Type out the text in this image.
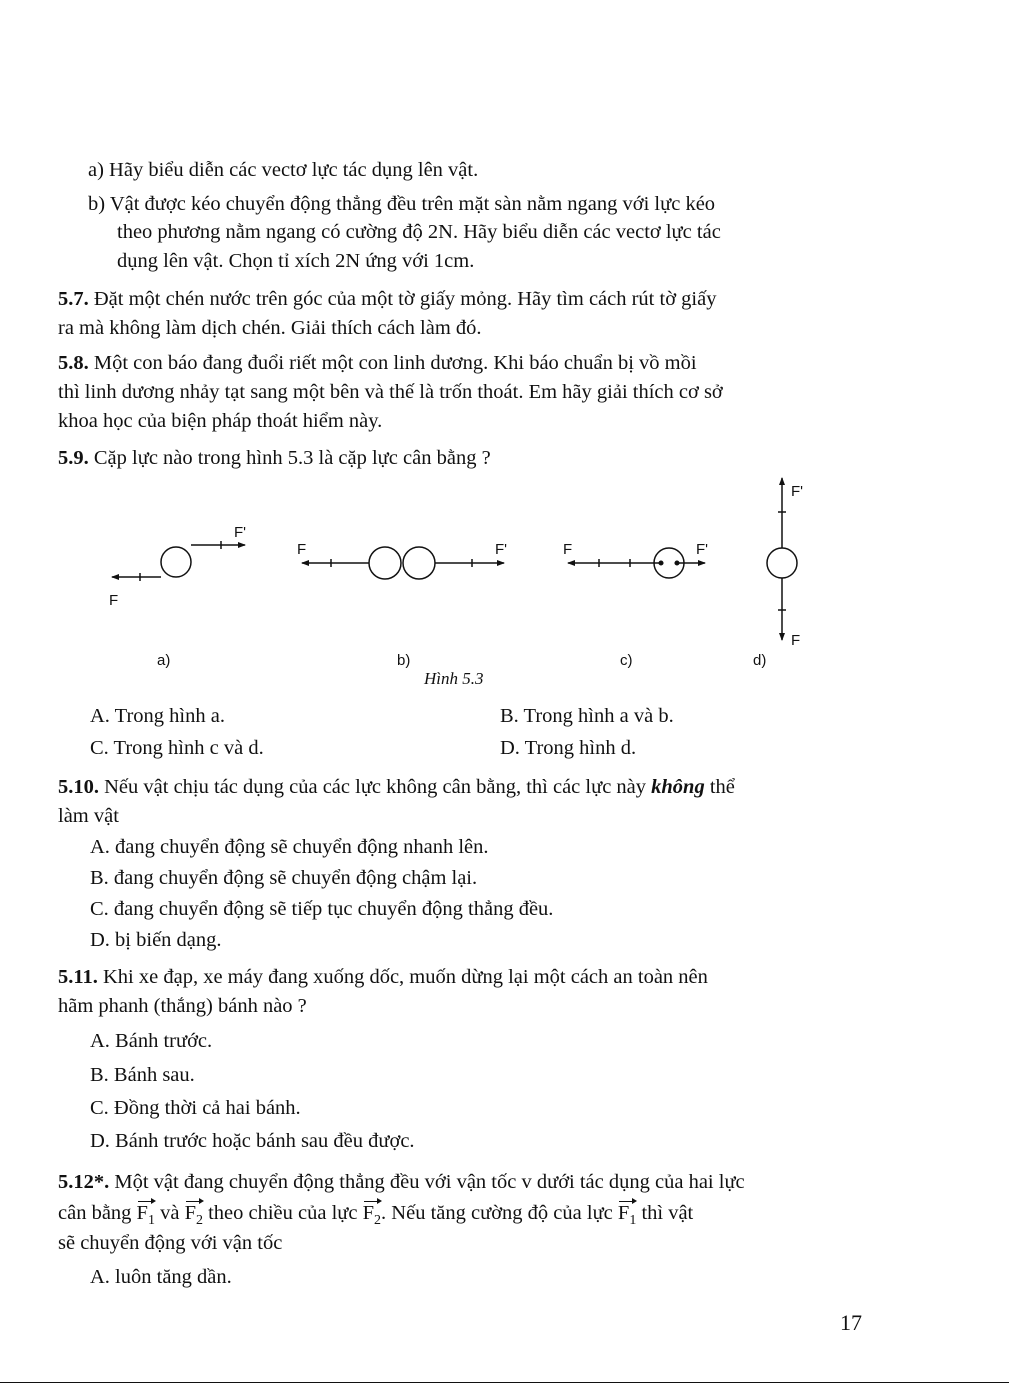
a) Hãy biểu diễn các vectơ lực tác dụng lên vật.
b) Vật được kéo chuyển động thẳng đều trên mặt sàn nằm ngang với lực kéo
theo phương nằm ngang có cường độ 2N. Hãy biểu diễn các vectơ lực tác
dụng lên vật. Chọn tỉ xích 2N ứng với 1cm.
5.7. Đặt một chén nước trên góc của một tờ giấy mỏng. Hãy tìm cách rút tờ giấy
ra mà không làm dịch chén. Giải thích cách làm đó.
5.8. Một con báo đang đuổi riết một con linh dương. Khi báo chuẩn bị vồ mồi
thì linh dương nhảy tạt sang một bên và thế là trốn thoát. Em hãy giải thích cơ sở
khoa học của biện pháp thoát hiểm này.
5.9. Cặp lực nào trong hình 5.3 là cặp lực cân bằng ?
F'
F
F	F'	F	F'
F'
F
a)	b)	c)	d)
Hình 5.3
A. Trong hình a.	B. Trong hình a và b.
C. Trong hình c và d.	D. Trong hình d.
5.10. Nếu vật chịu tác dụng của các lực không cân bằng, thì các lực này không thể
làm vật
A. đang chuyển động sẽ chuyển động nhanh lên.
B. đang chuyển động sẽ chuyển động chậm lại.
C. đang chuyển động sẽ tiếp tục chuyển động thẳng đều.
D. bị biến dạng.
5.11. Khi xe đạp, xe máy đang xuống dốc, muốn dừng lại một cách an toàn nên
hãm phanh (thắng) bánh nào ?
A. Bánh trước.
B. Bánh sau.
C. Đồng thời cả hai bánh.
D. Bánh trước hoặc bánh sau đều được.
5.12*. Một vật đang chuyển động thẳng đều với vận tốc v dưới tác dụng của hai lực
cân bằng $F_1$ và $F_2$ theo chiều của lực $F_2$. Nếu tăng cường độ của lực $F_1$ thì vật
sẽ chuyển động với vận tốc
A. luôn tăng dần.
17
